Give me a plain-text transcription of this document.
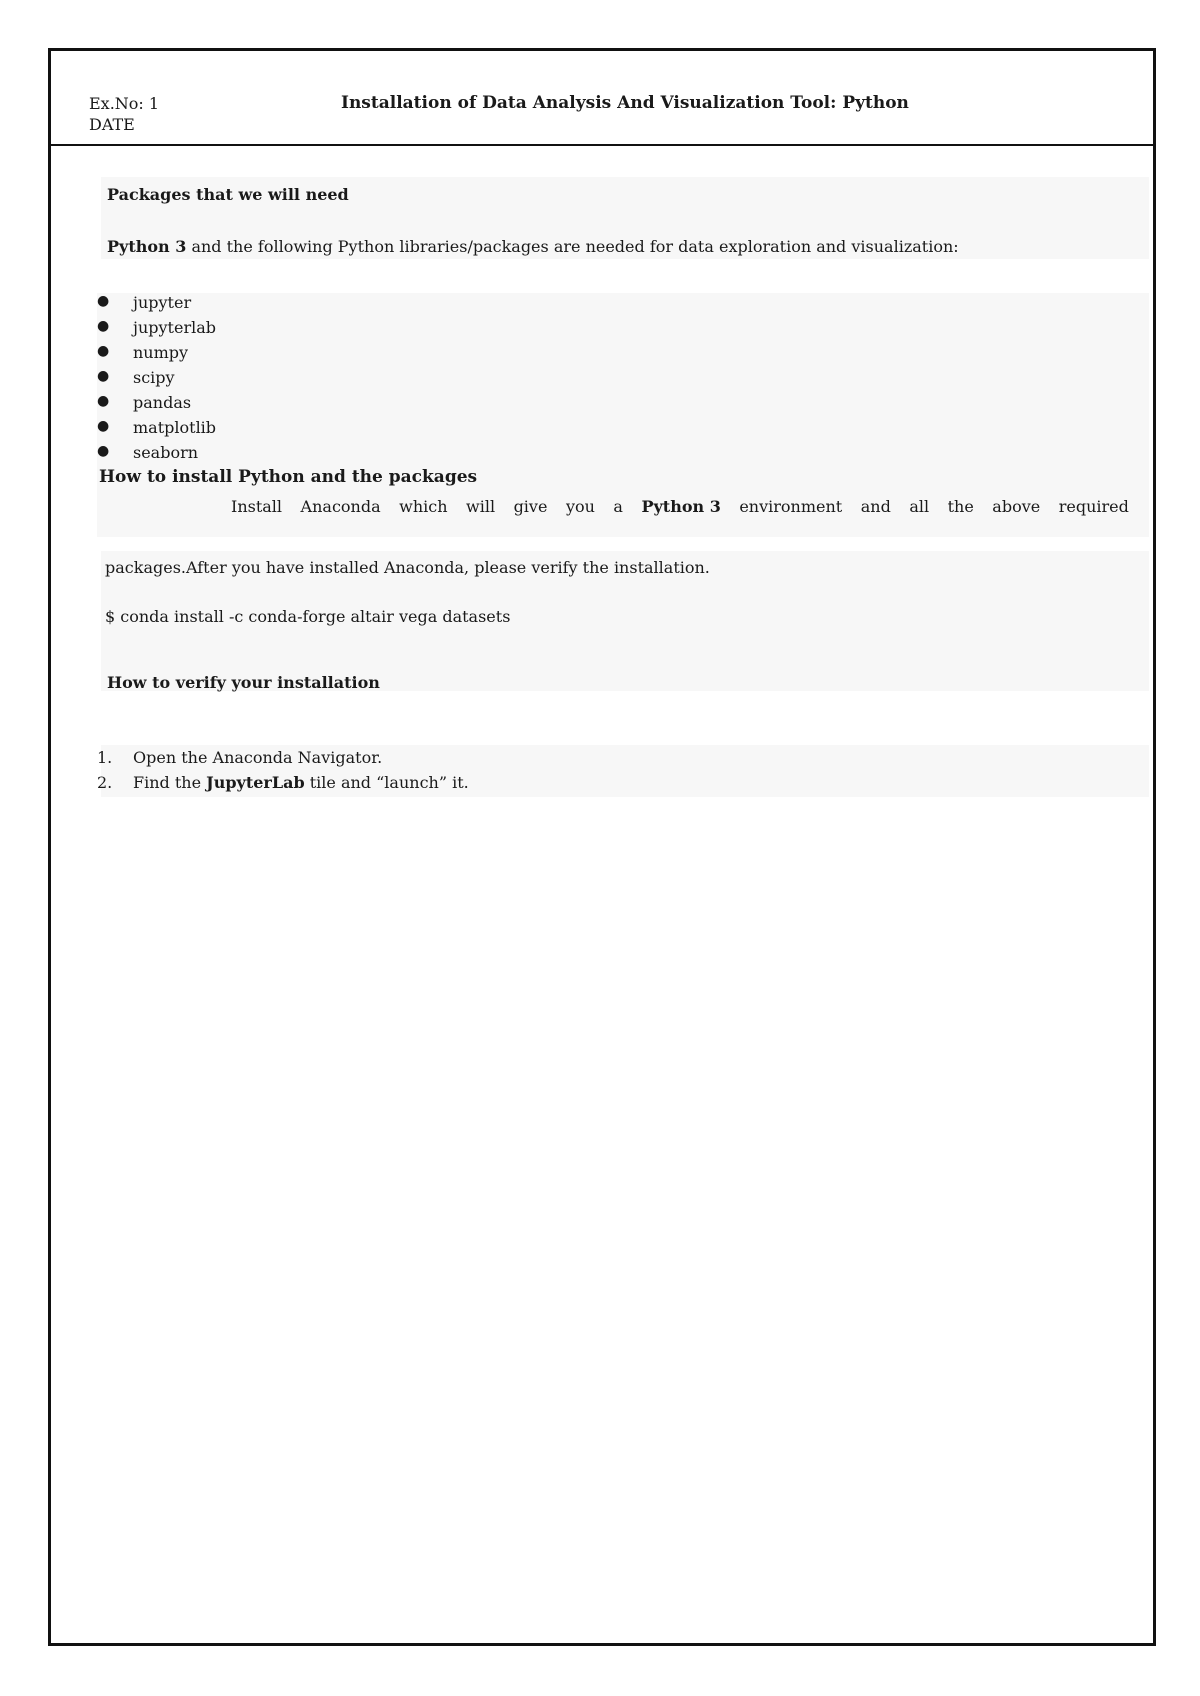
Ex.No: 1
DATE
Installation of Data Analysis And Visualization Tool: Python
Packages that we will need
Python 3 and the following Python libraries/packages are needed for data exploration and visualization:
● jupyter
● jupyterlab
● numpy
● scipy
● pandas
● matplotlib
● seaborn
How to install Python and the packages
Install Anaconda which will give you a Python 3 environment and all the above required
packages.After you have installed Anaconda, please verify the installation.
$ conda install -c conda-forge altair vega datasets
How to verify your installation
1. Open the Anaconda Navigator.
2. Find the JupyterLab tile and “launch” it.
